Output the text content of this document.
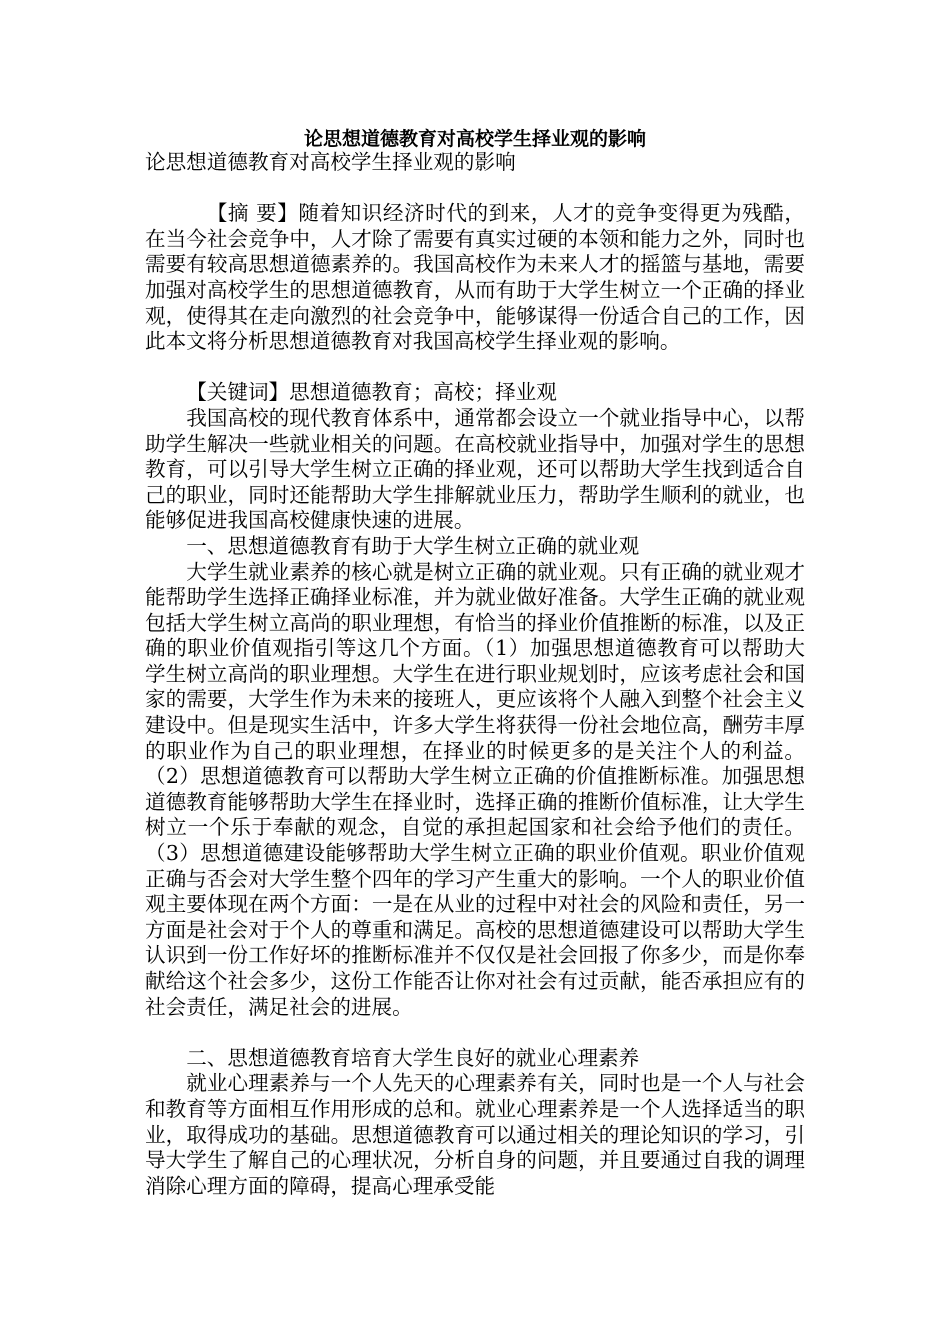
论思想道德教育对高校学生择业观的影响

论思想道德教育对高校学生择业观的影响

【摘 要】随着知识经济时代的到来，人才的竞争变得更为残酷，在当今社会竞争中，人才除了需要有真实过硬的本领和能力之外，同时也需要有较高思想道德素养的。我国高校作为未来人才的摇篮与基地，需要加强对高校学生的思想道德教育，从而有助于大学生树立一个正确的择业观，使得其在走向激烈的社会竞争中，能够谋得一份适合自己的工作，因此本文将分析思想道德教育对我国高校学生择业观的影响。

【关键词】思想道德教育；高校；择业观

我国高校的现代教育体系中，通常都会设立一个就业指导中心，以帮助学生解决一些就业相关的问题。在高校就业指导中，加强对学生的思想教育，可以引导大学生树立正确的择业观，还可以帮助大学生找到适合自己的职业，同时还能帮助大学生排解就业压力，帮助学生顺利的就业，也能够促进我国高校健康快速的进展。

一、思想道德教育有助于大学生树立正确的就业观

大学生就业素养的核心就是树立正确的就业观。只有正确的就业观才能帮助学生选择正确择业标准，并为就业做好准备。大学生正确的就业观包括大学生树立高尚的职业理想，有恰当的择业价值推断的标准，以及正确的职业价值观指引等这几个方面。（1）加强思想道德教育可以帮助大学生树立高尚的职业理想。大学生在进行职业规划时，应该考虑社会和国家的需要，大学生作为未来的接班人，更应该将个人融入到整个社会主义建设中。但是现实生活中，许多大学生将获得一份社会地位高，酬劳丰厚的职业作为自己的职业理想，在择业的时候更多的是关注个人的利益。（2）思想道德教育可以帮助大学生树立正确的价值推断标准。加强思想道德教育能够帮助大学生在择业时，选择正确的推断价值标准，让大学生树立一个乐于奉献的观念，自觉的承担起国家和社会给予他们的责任。（3）思想道德建设能够帮助大学生树立正确的职业价值观。职业价值观正确与否会对大学生整个四年的学习产生重大的影响。一个人的职业价值观主要体现在两个方面：一是在从业的过程中对社会的风险和责任，另一方面是社会对于个人的尊重和满足。高校的思想道德建设可以帮助大学生认识到一份工作好坏的推断标准并不仅仅是社会回报了你多少，而是你奉献给这个社会多少，这份工作能否让你对社会有过贡献，能否承担应有的社会责任，满足社会的进展。

二、思想道德教育培育大学生良好的就业心理素养

就业心理素养与一个人先天的心理素养有关，同时也是一个人与社会和教育等方面相互作用形成的总和。就业心理素养是一个人选择适当的职业，取得成功的基础。思想道德教育可以通过相关的理论知识的学习，引导大学生了解自己的心理状况，分析自身的问题，并且要通过自我的调理消除心理方面的障碍，提高心理承受能
